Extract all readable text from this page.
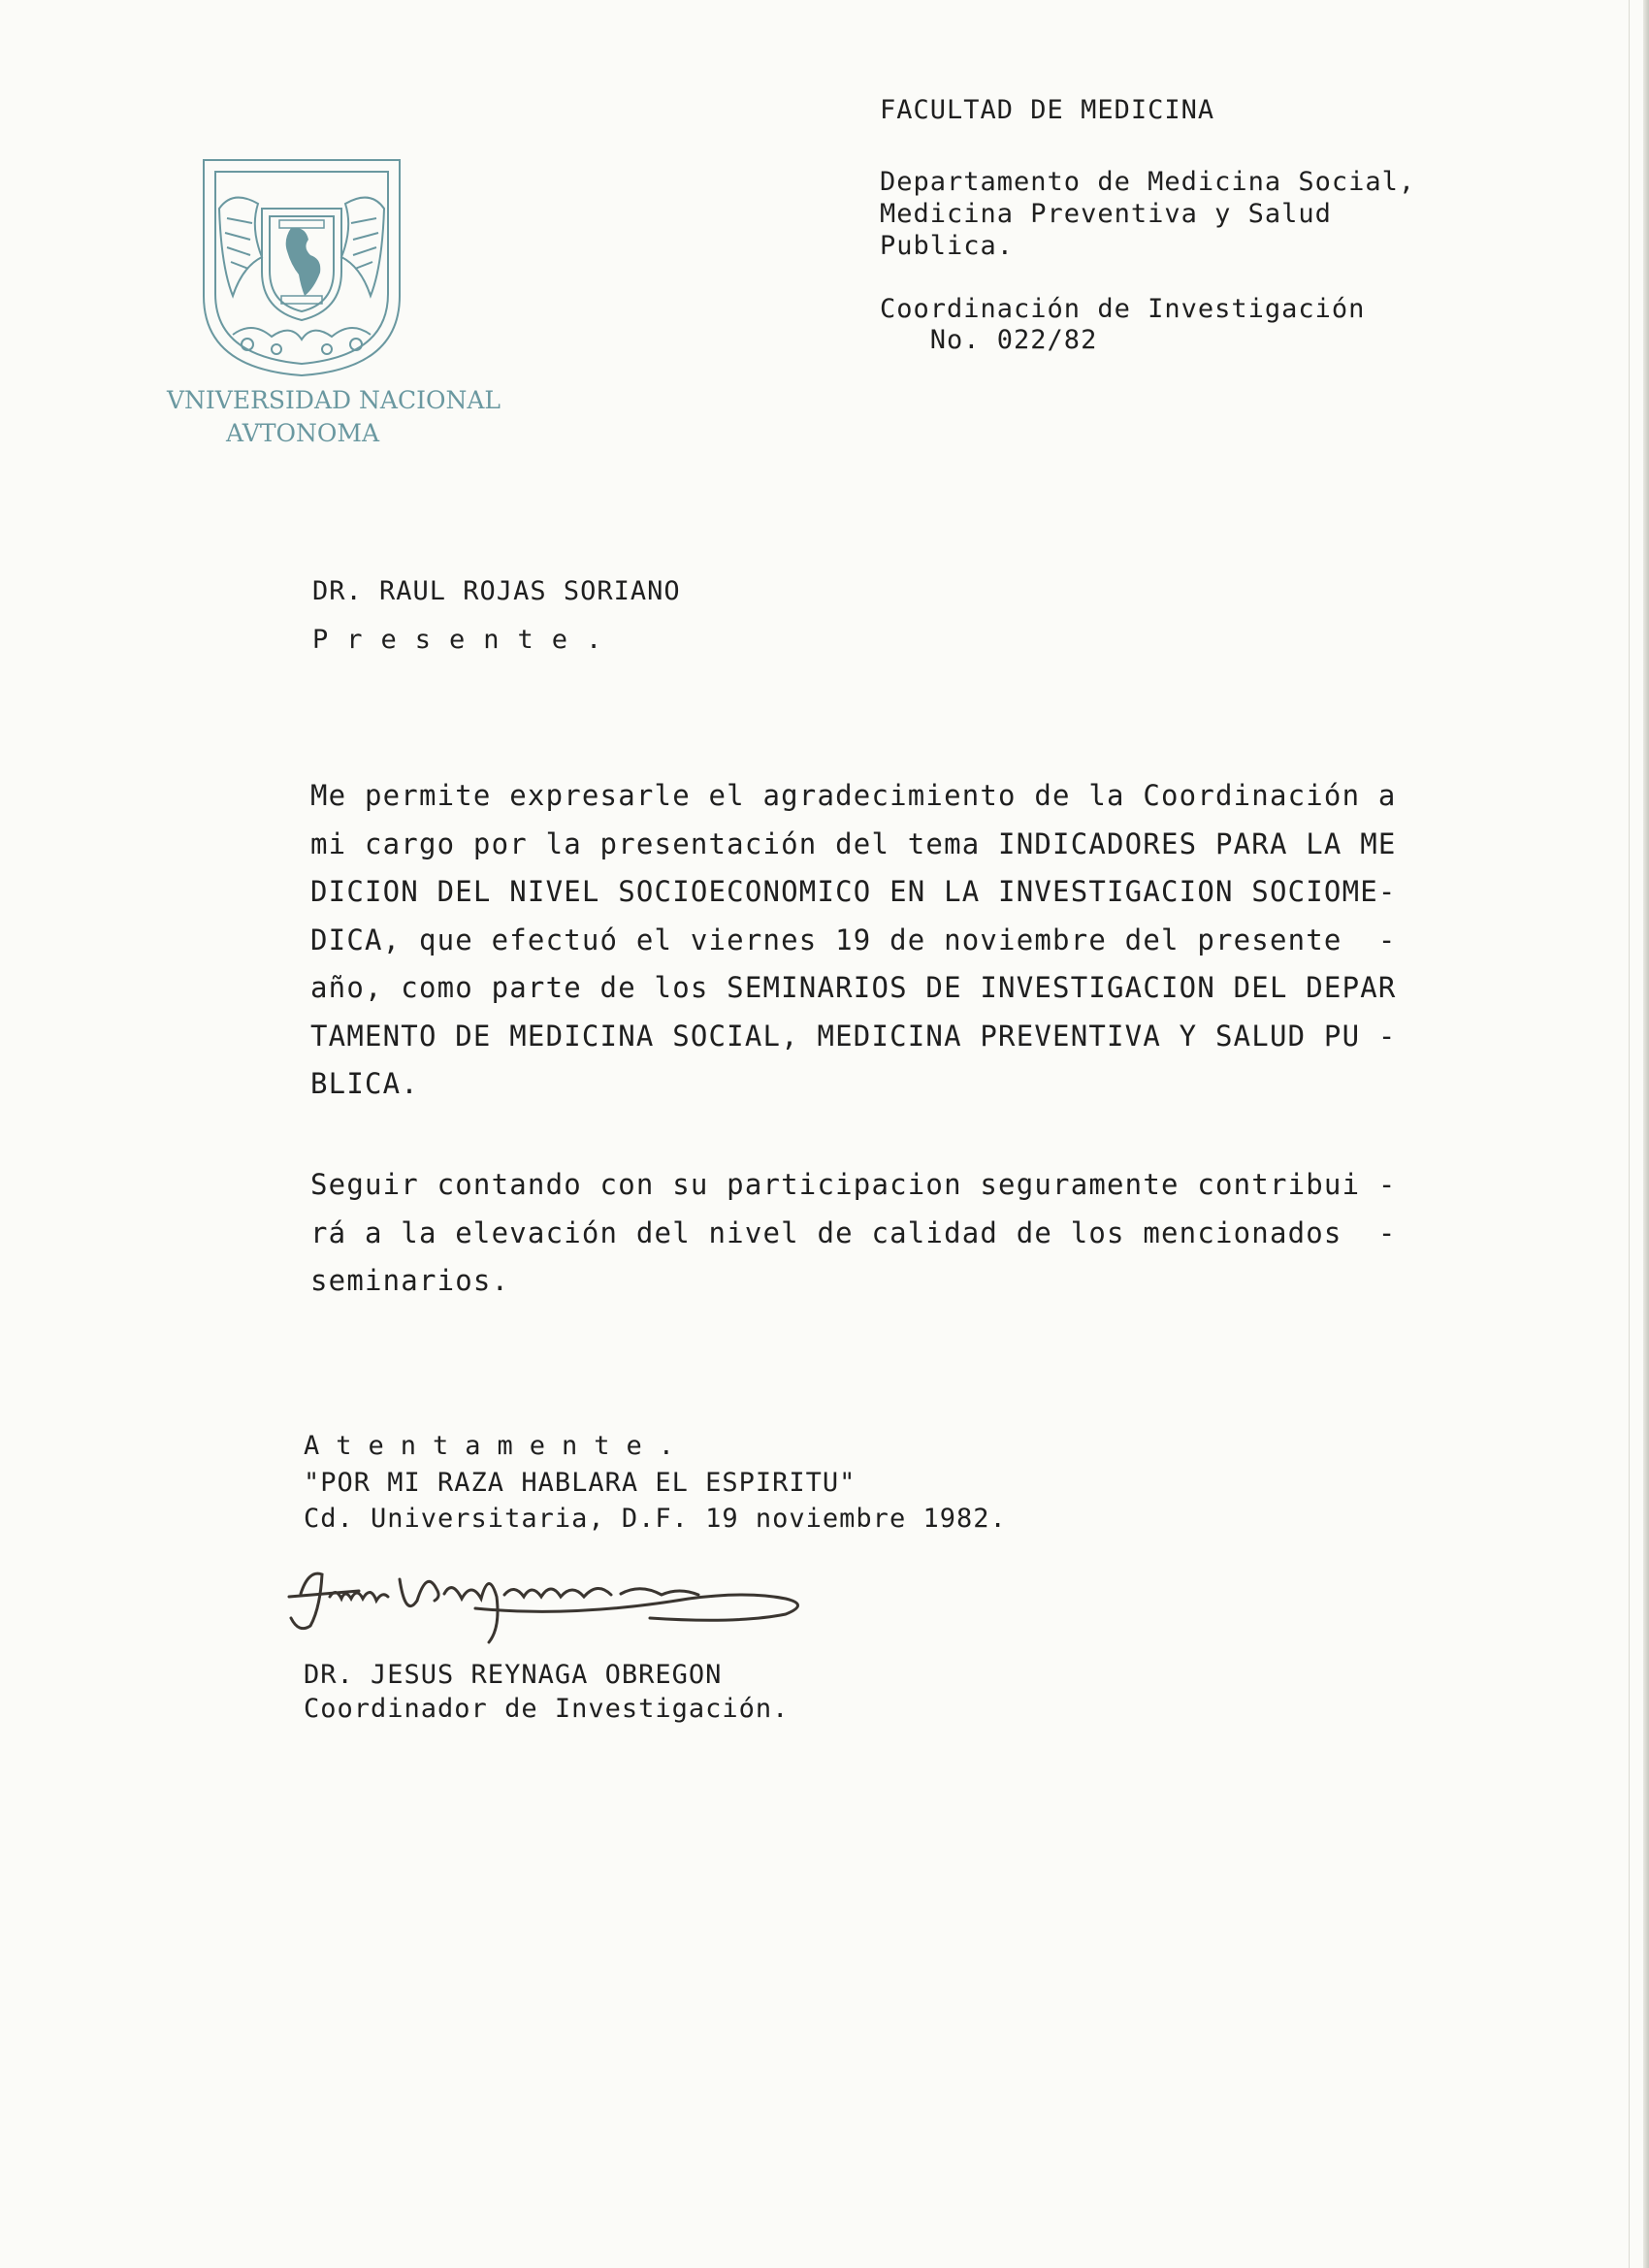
VNIVERSIDAD NACIONAL
AVTONOMA
FACULTAD DE MEDICINA
Departamento de Medicina Social,
Medicina Preventiva y Salud
Publica.
Coordinación de Investigación
No. 022/82
DR. RAUL ROJAS SORIANO
Presente.
Me permite expresarle el agradecimiento de la Coordinación a
mi cargo por la presentación del tema INDICADORES PARA LA ME
DICION DEL NIVEL SOCIOECONOMICO EN LA INVESTIGACION SOCIOME-
DICA, que efectuó el viernes 19 de noviembre del presente  -
año, como parte de los SEMINARIOS DE INVESTIGACION DEL DEPAR
TAMENTO DE MEDICINA SOCIAL, MEDICINA PREVENTIVA Y SALUD PU -
BLICA.
Seguir contando con su participacion seguramente contribui -
rá a la elevación del nivel de calidad de los mencionados  -
seminarios.
Atentamente.
"POR MI RAZA HABLARA EL ESPIRITU"
Cd. Universitaria, D.F. 19 noviembre 1982.
DR. JESUS REYNAGA OBREGON
Coordinador de Investigación.
